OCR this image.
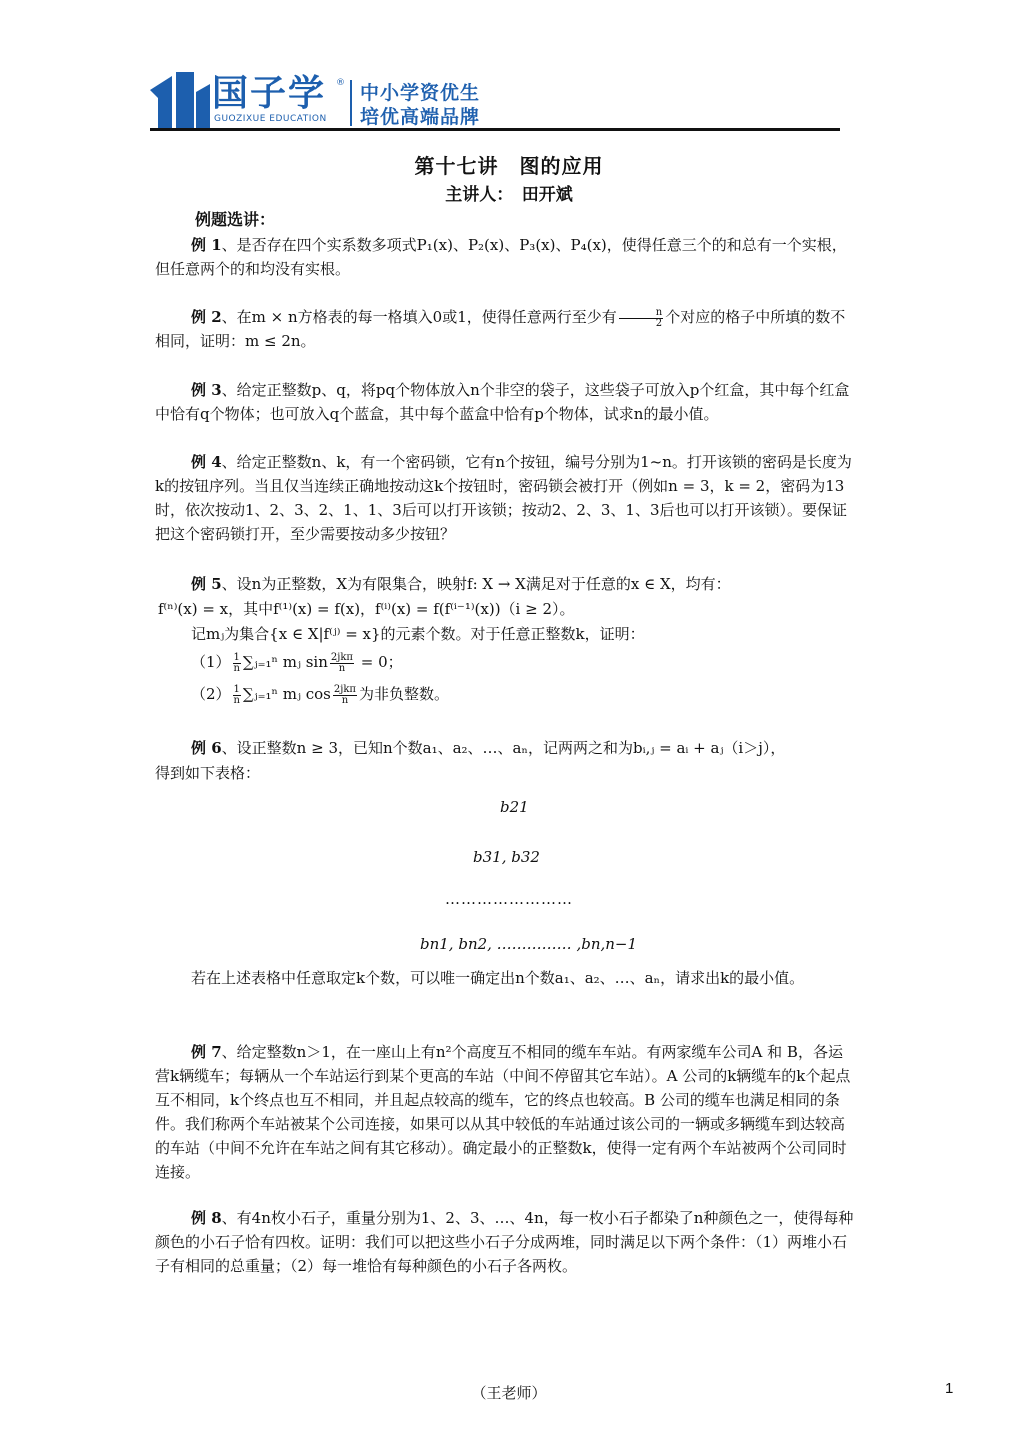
国子学 ®
GUOZIXUE EDUCATION
中小学资优生
培优高端品牌
第十七讲　图的应用
主讲人：　田开斌
例题选讲：
例 1、是否存在四个实系数多项式P₁(x)、P₂(x)、P₃(x)、P₄(x)，使得任意三个的和总有一个实根，但任意两个的和均没有实根。
例 2、在m × n方格表的每一格填入0或1，使得任意两行至少有 $\frac{n}{2}$ 个对应的格子中所填的数不相同，证明：m ≤ 2n。
例 3、给定正整数p、q，将pq个物体放入n个非空的袋子，这些袋子可放入p个红盒，其中每个红盒中恰有q个物体；也可放入q个蓝盒，其中每个蓝盒中恰有p个物体，试求n的最小值。
例 4、给定正整数n、k，有一个密码锁，它有n个按钮，编号分别为1~n。打开该锁的密码是长度为k的按钮序列。当且仅当连续正确地按动这k个按钮时，密码锁会被打开（例如n = 3，k = 2，密码为13时，依次按动1、2、3、2、1、1、3后可以打开该锁；按动2、2、3、1、3后也可以打开该锁）。要保证把这个密码锁打开，至少需要按动多少按钮？
例 5、设n为正整数，X为有限集合，映射f: X → X满足对于任意的x ∈ X，均有：
f⁽ⁿ⁾(x) = x，其中f⁽¹⁾(x) = f(x)，f⁽ⁱ⁾(x) = f(f⁽ⁱ⁻¹⁾(x))（i ≥ 2）。
记mⱼ为集合{x ∈ X|f⁽ʲ⁾ = x}的元素个数。对于任意正整数k，证明：
$(1) \frac{1}{n}$ ∑ⱼ₌₁ⁿ mⱼ $\sin \frac{\text{2jkπ}}{n} = 0$；
$(2) \frac{1}{n}$ ∑ⱼ₌₁ⁿ mⱼ $\cos \frac{\text{2jkπ}}{n}$ 为非负整数。
例 6、设正整数n ≥ 3，已知n个数a₁、a₂、…、aₙ，记两两之和为bᵢ,ⱼ = aᵢ + aⱼ（i＞j），
得到如下表格：
b21
b31, b32
……………………
bn1, bn2, …………… ,bn,n−1
若在上述表格中任意取定k个数，可以唯一确定出n个数a₁、a₂、…、aₙ，请求出k的最小值。
例 7、给定整数n＞1，在一座山上有n²个高度互不相同的缆车车站。有两家缆车公司A 和 B，各运营k辆缆车；每辆从一个车站运行到某个更高的车站（中间不停留其它车站）。A 公司的k辆缆车的k个起点互不相同，k个终点也互不相同，并且起点较高的缆车，它的终点也较高。B 公司的缆车也满足相同的条件。我们称两个车站被某个公司连接，如果可以从其中较低的车站通过该公司的一辆或多辆缆车到达较高的车站（中间不允许在车站之间有其它移动）。确定最小的正整数k，使得一定有两个车站被两个公司同时连接。
例 8、有4n枚小石子，重量分别为1、2、3、…、4n，每一枚小石子都染了n种颜色之一，使得每种颜色的小石子恰有四枚。证明：我们可以把这些小石子分成两堆，同时满足以下两个条件：（1）两堆小石子有相同的总重量；（2）每一堆恰有每种颜色的小石子各两枚。
（王老师）	1
